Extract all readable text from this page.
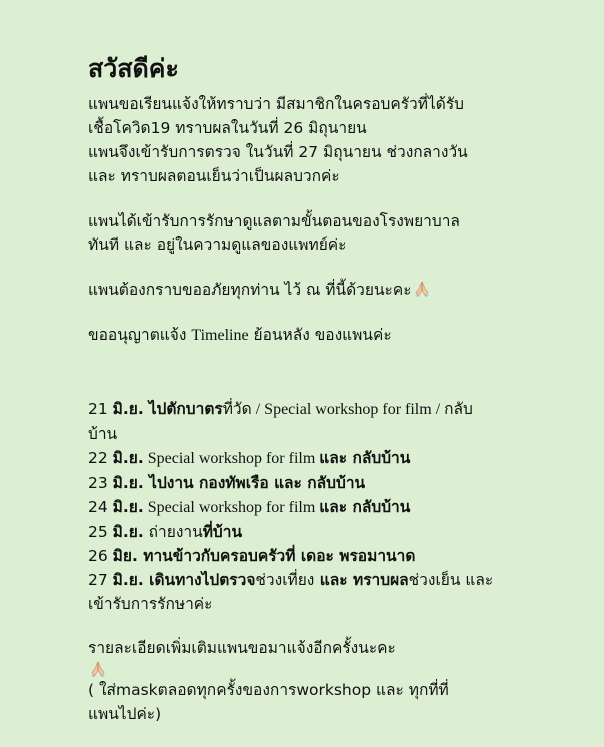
สวัสดีค่ะ
แพนขอเรียนแจ้งให้ทราบว่า มีสมาชิกในครอบครัวที่ได้รับ
เชื้อโควิด19 ทราบผลในวันที่ 26 มิถุนายน
แพนจึงเข้ารับการตรวจ ในวันที่ 27 มิถุนายน ช่วงกลางวัน
และ ทราบผลตอนเย็นว่าเป็นผลบวกค่ะ
แพนได้เข้ารับการรักษาดูแลตามขั้นตอนของโรงพยาบาล
ทันที และ อยู่ในความดูแลของแพทย์ค่ะ
แพนต้องกราบขออภัยทุกท่าน ไว้ ณ ที่นี้ด้วยนะคะ
ขออนุญาตแจ้ง Timeline ย้อนหลัง ของแพนค่ะ
21 มิ.ย. ไปตักบาตรที่วัด / Special workshop for film / กลับ
บ้าน
22 มิ.ย. Special workshop for film และ กลับบ้าน
23 มิ.ย. ไปงาน กองทัพเรือ และ กลับบ้าน
24 มิ.ย. Special workshop for film และ กลับบ้าน
25 มิ.ย. ถ่ายงานที่บ้าน
26 มิย. ทานข้าวกับครอบครัวที่ เดอะ พรอมานาด
27 มิ.ย. เดินทางไปตรวจช่วงเที่ยง และ ทราบผลช่วงเย็น และ
เข้ารับการรักษาค่ะ
รายละเอียดเพิ่มเติมแพนขอมาแจ้งอีกครั้งนะคะ
( ใส่maskตลอดทุกครั้งของการworkshop และ ทุกที่ที่
แพนไปค่ะ)
